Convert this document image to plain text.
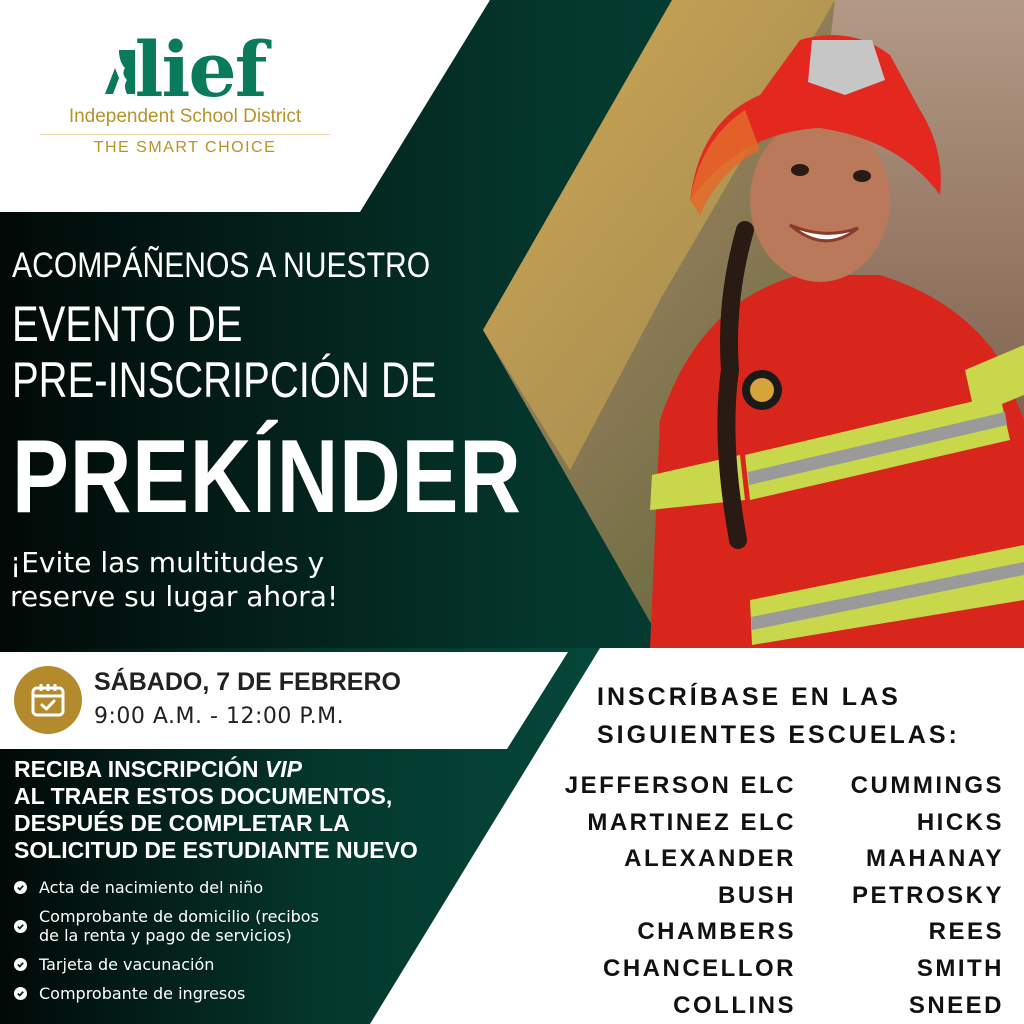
lief
Independent School District
THE SMART CHOICE
ACOMPÁÑENOS A NUESTRO
EVENTO DE
PRE-INSCRIPCIÓN DE
PREKÍNDER
¡Evite las multitudes y
reserve su lugar ahora!
SÁBADO, 7 DE FEBRERO
9:00 A.M. - 12:00 P.M.
RECIBA INSCRIPCIÓN VIP
AL TRAER ESTOS DOCUMENTOS,
DESPUÉS DE COMPLETAR LA
SOLICITUD DE ESTUDIANTE NUEVO
Acta de nacimiento del niño
Comprobante de domicilio (recibos
de la renta y pago de servicios)
Tarjeta de vacunación
Comprobante de ingresos
INSCRÍBASE EN LAS
SIGUIENTES ESCUELAS:
JEFFERSON ELC
MARTINEZ ELC
ALEXANDER
BUSH
CHAMBERS
CHANCELLOR
COLLINS
CUMMINGS
HICKS
MAHANAY
PETROSKY
REES
SMITH
SNEED
